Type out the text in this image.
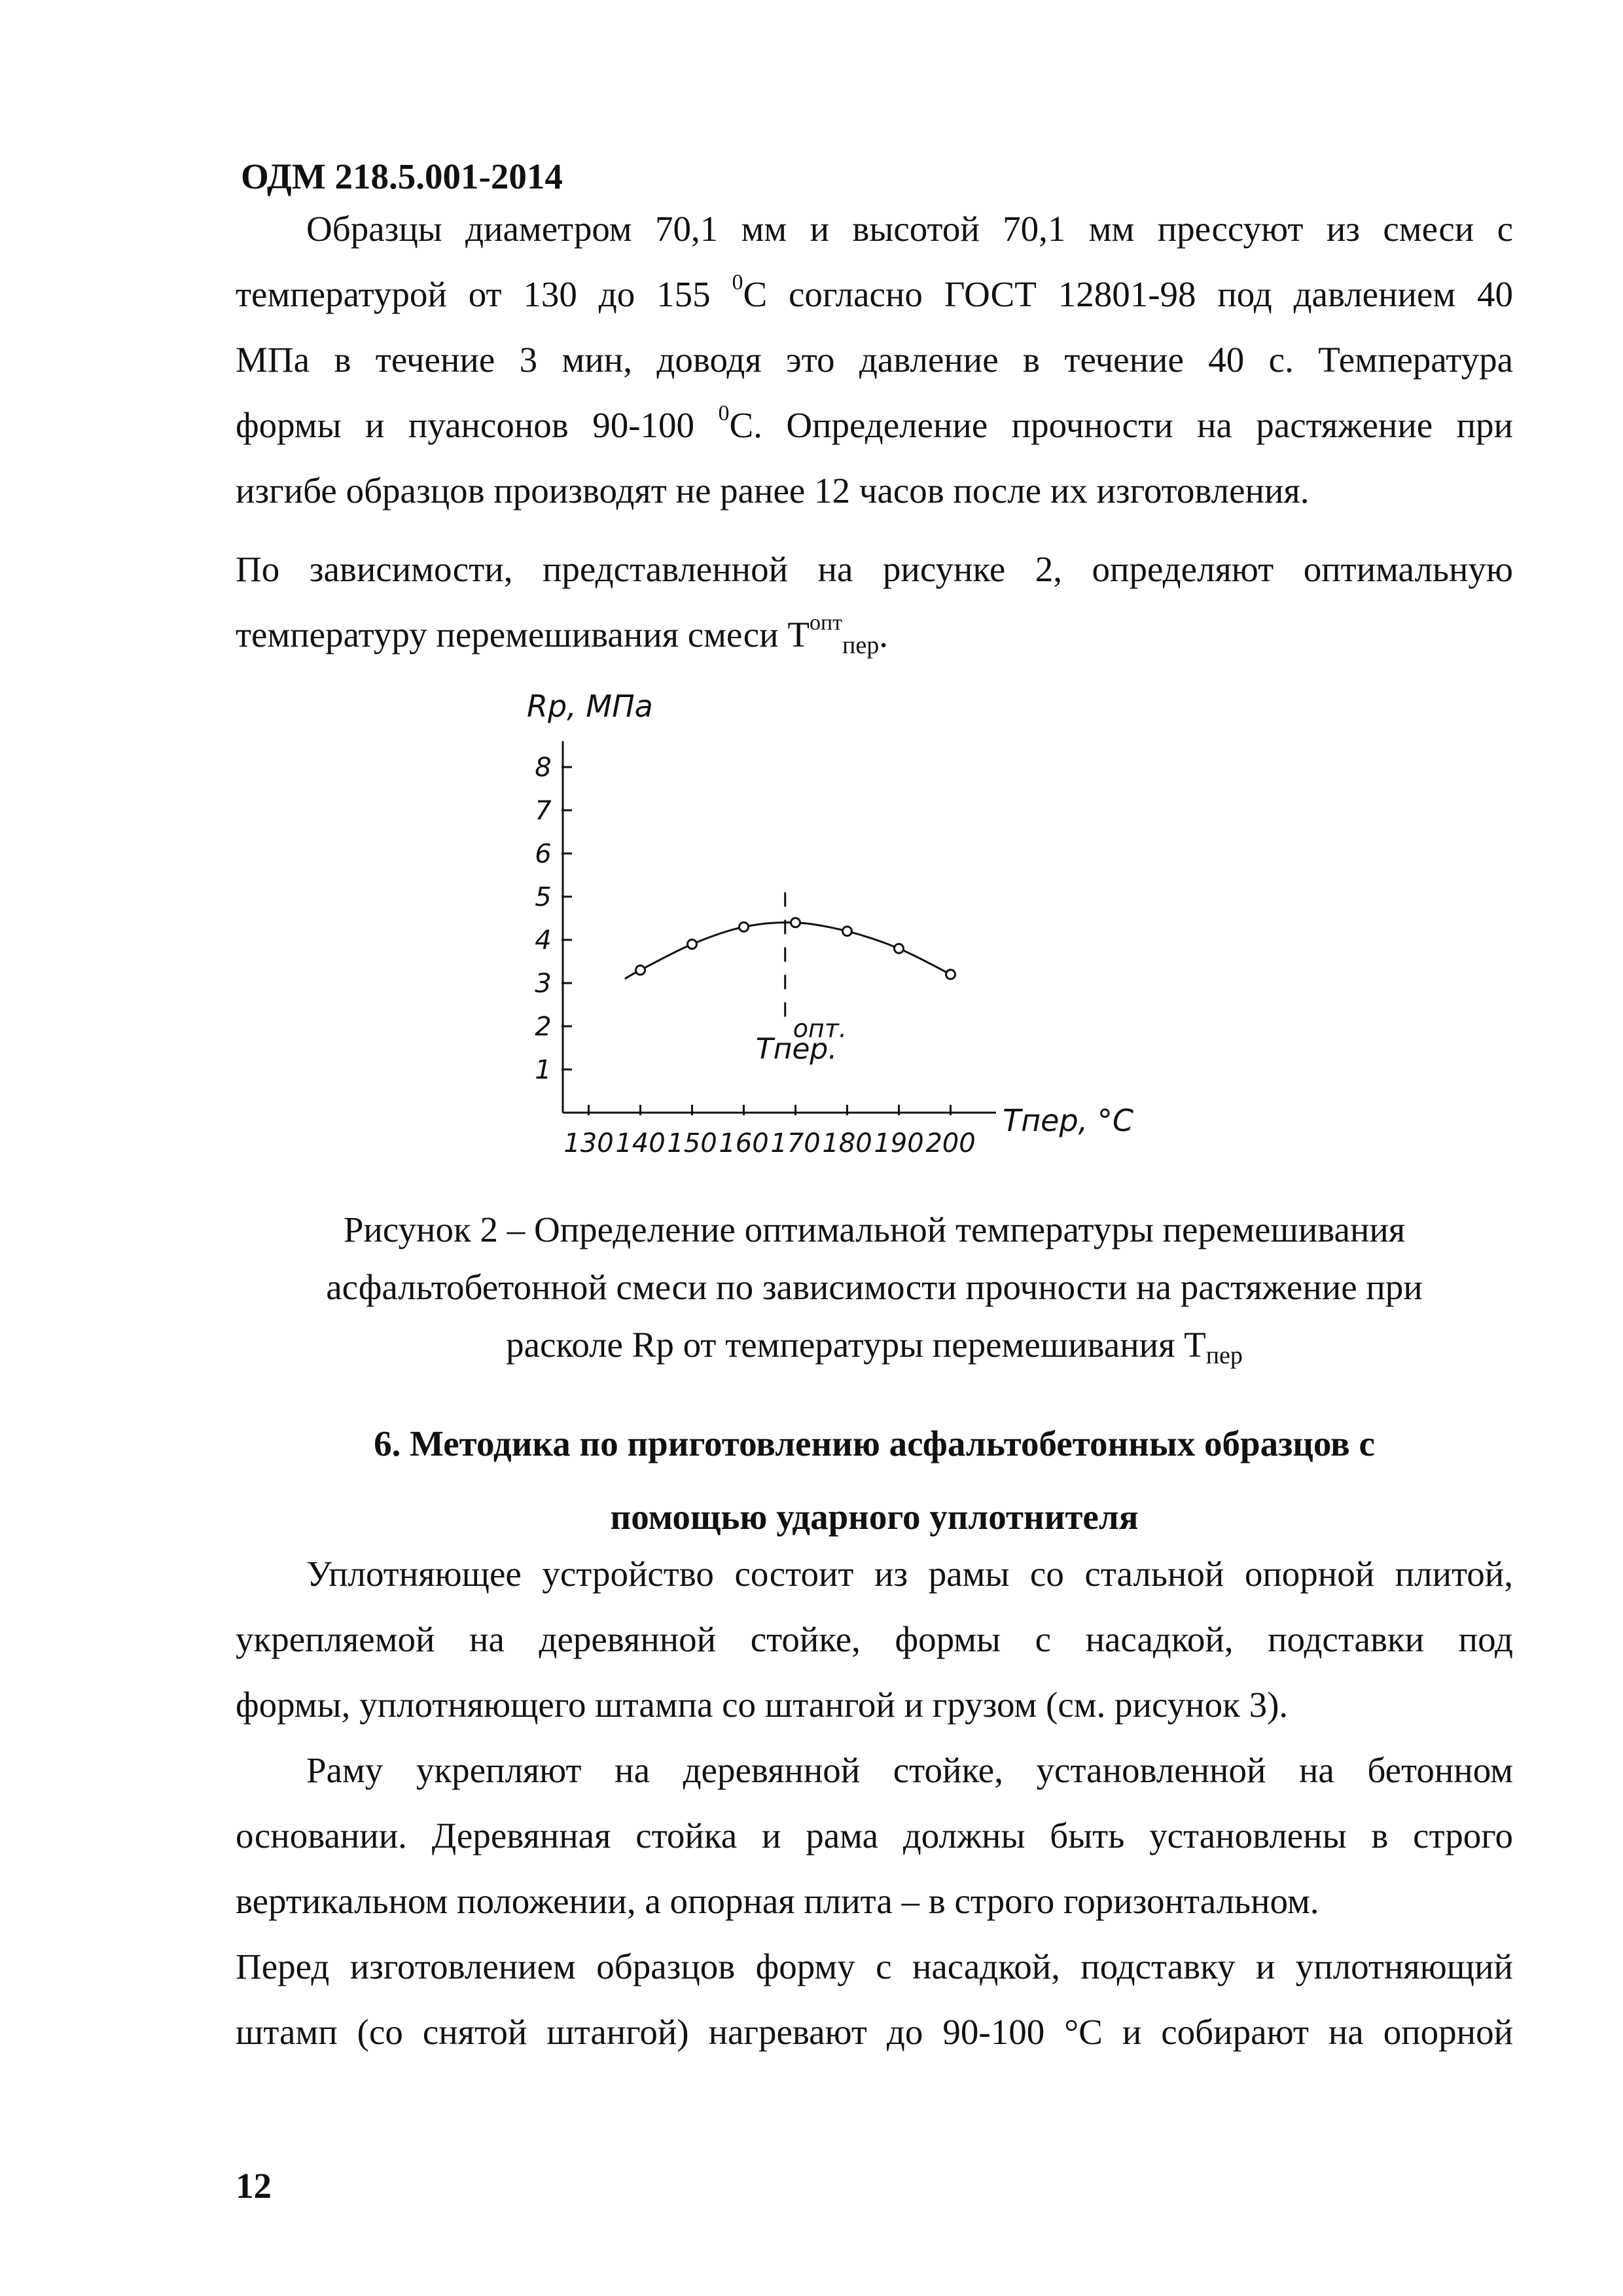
ОДМ 218.5.001-2014
Образцы диаметром 70,1 мм и высотой 70,1 мм прессуют из смеси с
температурой от 130 до 155 $^0$С согласно ГОСТ 12801-98 под давлением 40
МПа в течение 3 мин, доводя это давление в течение 40 с. Температура
формы и пуансонов 90-100 $^0$С. Определение прочности на растяжение при
изгибе образцов производят не ранее 12 часов после их изготовления.
По зависимости, представленной на рисунке 2, определяют оптимальную
температуру перемешивания смеси $Т^{опт}_{пер}$.
1
2
3
4
5
6
7
8
130 140 150 160 170 180 190 200
Rp, МПа
Tпер, °С
Tпер.
опт.
Рисунок 2 – Определение оптимальной температуры перемешивания
асфальтобетонной смеси по зависимости прочности на растяжение при
расколе Rp от температуры перемешивания $Т_{пер}$
6. Методика по приготовлению асфальтобетонных образцов с
помощью ударного уплотнителя
Уплотняющее устройство состоит из рамы со стальной опорной плитой,
укрепляемой на деревянной стойке, формы с насадкой, подставки под
формы, уплотняющего штампа со штангой и грузом (см. рисунок 3).
Раму укрепляют на деревянной стойке, установленной на бетонном
основании. Деревянная стойка и рама должны быть установлены в строго
вертикальном положении, а опорная плита – в строго горизонтальном.
Перед изготовлением образцов форму с насадкой, подставку и уплотняющий
штамп (со снятой штангой) нагревают до 90-100 °С и собирают на опорной
12
